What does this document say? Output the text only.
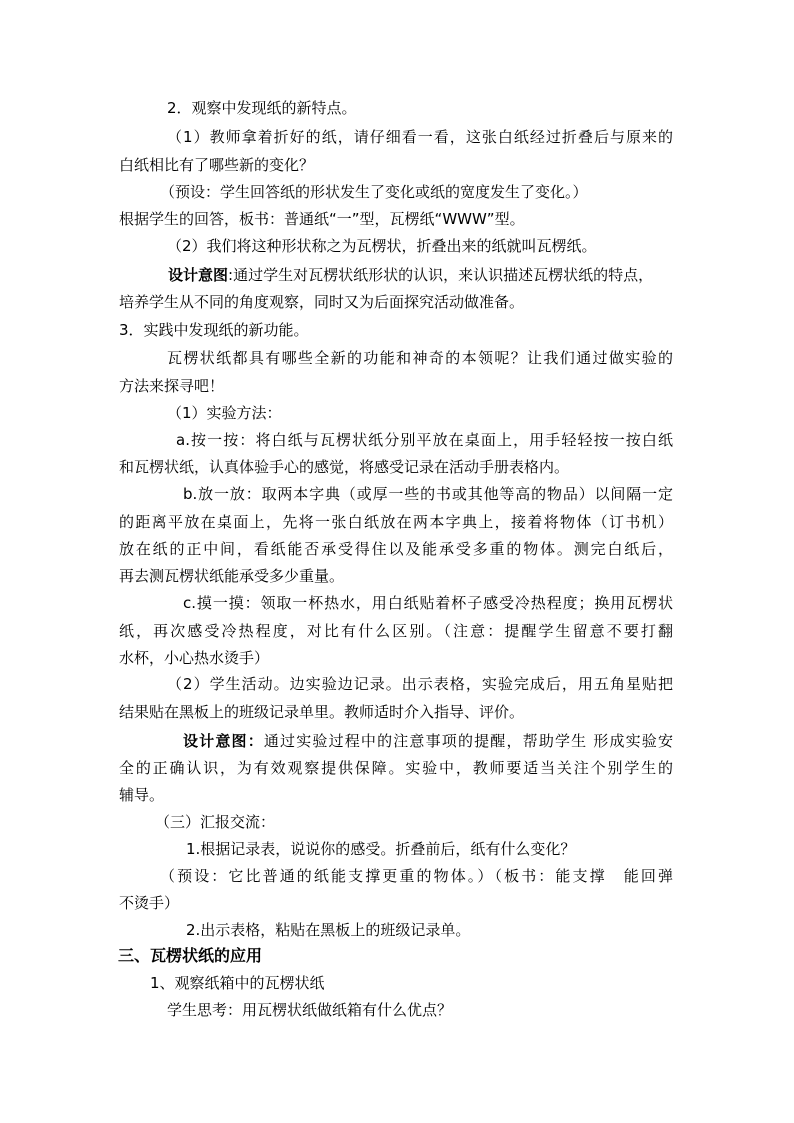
2．观察中发现纸的新特点。
（1）教师拿着折好的纸，请仔细看一看，这张白纸经过折叠后与原来的
白纸相比有了哪些新的变化？
（预设：学生回答纸的形状发生了变化或纸的宽度发生了变化。）
根据学生的回答，板书：普通纸“一”型，瓦楞纸“WWW”型。
（2）我们将这种形状称之为瓦楞状，折叠出来的纸就叫瓦楞纸。
设计意图:通过学生对瓦楞状纸形状的认识，来认识描述瓦楞状纸的特点，
培养学生从不同的角度观察，同时又为后面探究活动做准备。
3．实践中发现纸的新功能。
瓦楞状纸都具有哪些全新的功能和神奇的本领呢？让我们通过做实验的
方法来探寻吧！
（1）实验方法：
a.按一按：将白纸与瓦楞状纸分别平放在桌面上，用手轻轻按一按白纸
和瓦楞状纸，认真体验手心的感觉，将感受记录在活动手册表格内。
b.放一放：取两本字典（或厚一些的书或其他等高的物品）以间隔一定
的距离平放在桌面上，先将一张白纸放在两本字典上，接着将物体（订书机）
放在纸的正中间，看纸能否承受得住以及能承受多重的物体。测完白纸后，
再去测瓦楞状纸能承受多少重量。
c.摸一摸：领取一杯热水，用白纸贴着杯子感受冷热程度；换用瓦楞状
纸，再次感受冷热程度，对比有什么区别。（注意：提醒学生留意不要打翻
水杯，小心热水烫手）
（2）学生活动。边实验边记录。出示表格，实验完成后，用五角星贴把
结果贴在黑板上的班级记录单里。教师适时介入指导、评价。
设计意图：通过实验过程中的注意事项的提醒，帮助学生 形成实验安
全的正确认识，为有效观察提供保障。实验中，教师要适当关注个别学生的
辅导。
（三）汇报交流：
1.根据记录表，说说你的感受。折叠前后，纸有什么变化？
（预设：它比普通的纸能支撑更重的物体。）（板书：能支撑　能回弹
不烫手）
2.出示表格，粘贴在黑板上的班级记录单。
三、瓦楞状纸的应用
1、观察纸箱中的瓦楞状纸
学生思考：用瓦楞状纸做纸箱有什么优点？
